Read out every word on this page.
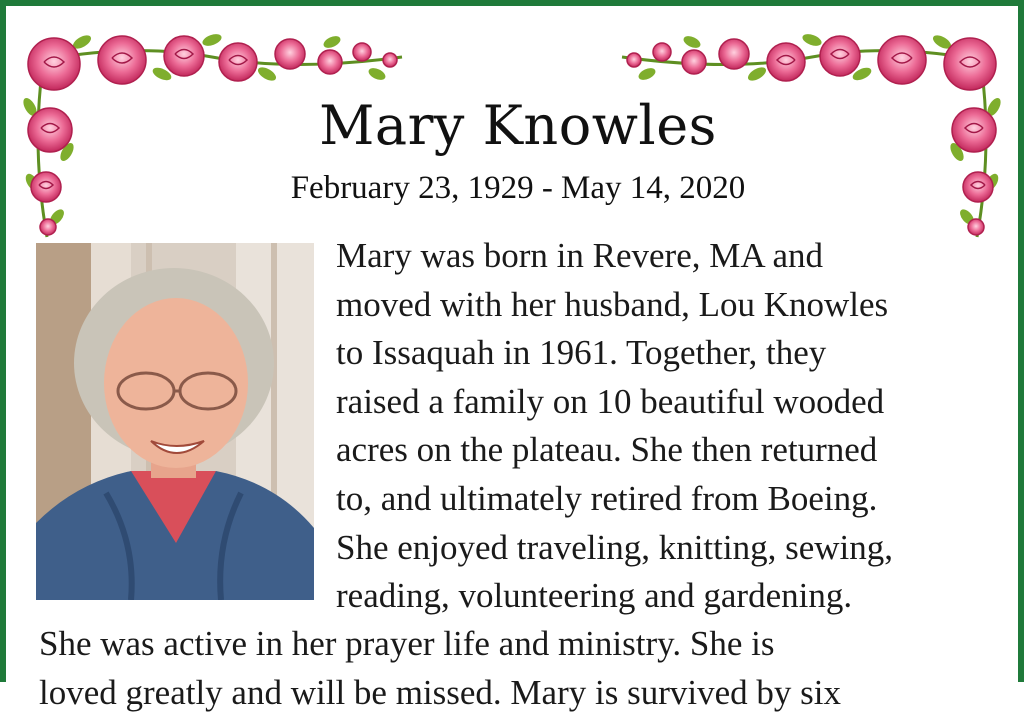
Mary Knowles
February 23, 1929 - May 14, 2020
Mary was born in Revere, MA and
moved with her husband, Lou Knowles
to Issaquah in 1961. Together, they
raised a family on 10 beautiful wooded
acres on the plateau. She then returned
to, and ultimately retired from Boeing.
She enjoyed traveling, knitting, sewing,
reading, volunteering and gardening.
She was active in her prayer life and ministry. She is
loved greatly and will be missed. Mary is survived by six
